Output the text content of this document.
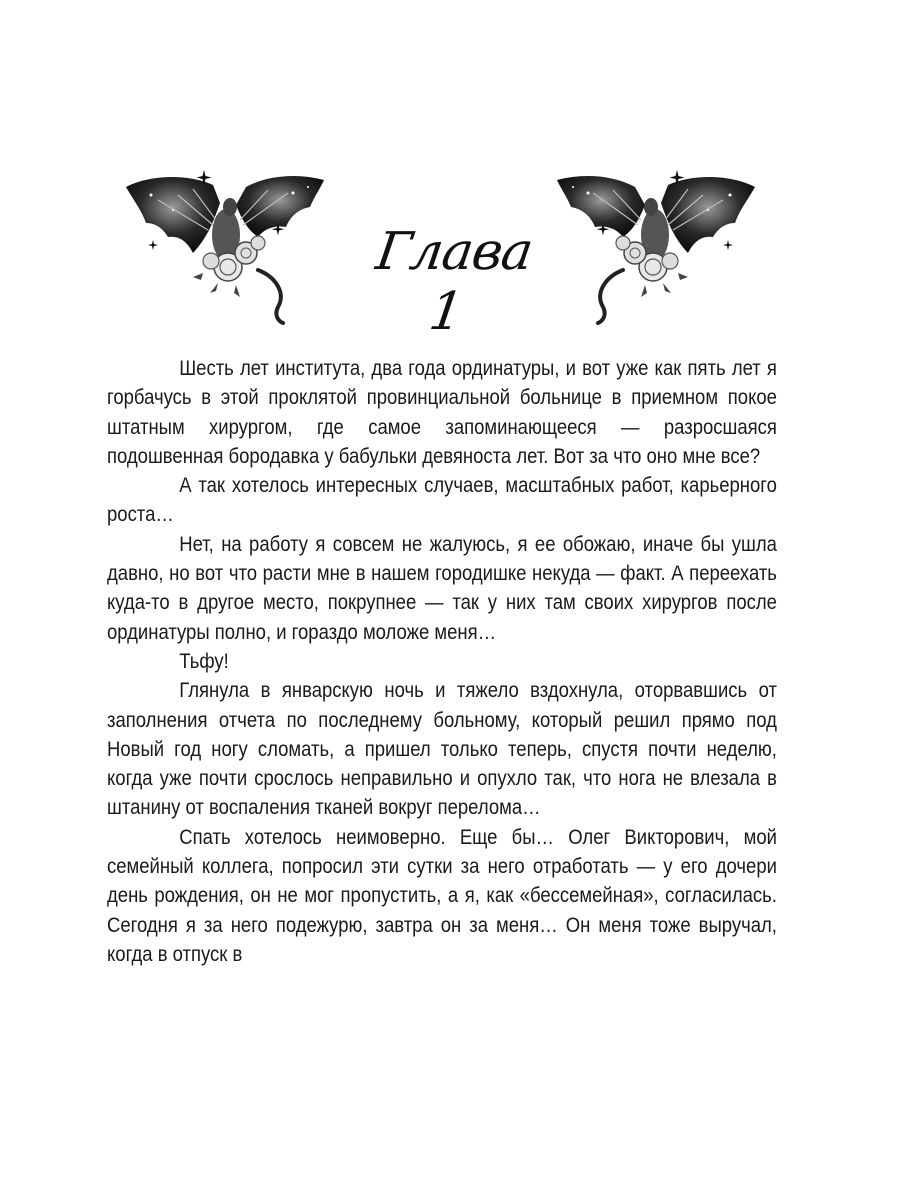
Глава 1

Шесть лет института, два года ординатуры, и вот уже как пять лет я горбачусь в этой проклятой провинциальной больнице в приемном покое штатным хирургом, где самое запоминающееся — разросшаяся подошвенная бородавка у бабульки девяноста лет. Вот за что оно мне все?

А так хотелось интересных случаев, масштабных работ, карьерного роста…

Нет, на работу я совсем не жалуюсь, я ее обожаю, иначе бы ушла давно, но вот что расти мне в нашем городишке некуда — факт. А переехать куда-то в другое место, покрупнее — так у них там своих хирургов после ординатуры полно, и гораздо моложе меня…

Тьфу!

Глянула в январскую ночь и тяжело вздохнула, оторвавшись от заполнения отчета по последнему больному, который решил прямо под Новый год ногу сломать, а пришел только теперь, спустя почти неделю, когда уже почти срослось неправильно и опухло так, что нога не влезала в штанину от воспаления тканей вокруг перелома…

Спать хотелось неимоверно. Еще бы… Олег Викторович, мой семейный коллега, попросил эти сутки за него отработать — у его дочери день рождения, он не мог пропустить, а я, как «бессемейная», согласилась. Сегодня я за него подежурю, завтра он за меня… Он меня тоже выручал, когда в отпуск в
